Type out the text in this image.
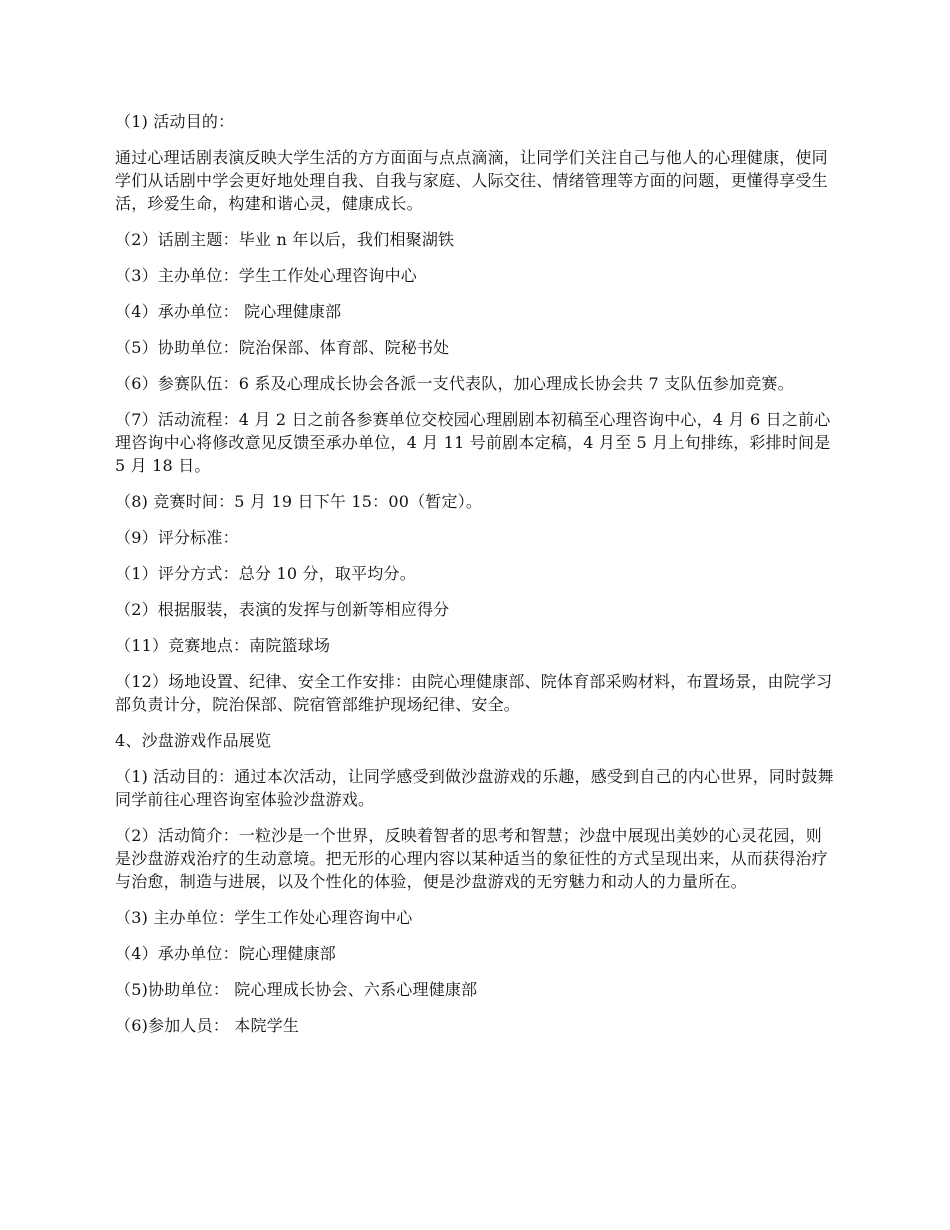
（1) 活动目的：

通过心理话剧表演反映大学生活的方方面面与点点滴滴，让同学们关注自己与他人的心理健康，使同学们从话剧中学会更好地处理自我、自我与家庭、人际交往、情绪管理等方面的问题，更懂得享受生活，珍爱生命，构建和谐心灵，健康成长。

（2）话剧主题：毕业 n 年以后，我们相聚湖铁

（3）主办单位：学生工作处心理咨询中心

（4）承办单位： 院心理健康部

（5）协助单位：院治保部、体育部、院秘书处

（6）参赛队伍：6 系及心理成长协会各派一支代表队，加心理成长协会共 7 支队伍参加竞赛。

（7）活动流程：4 月 2 日之前各参赛单位交校园心理剧剧本初稿至心理咨询中心，4 月 6 日之前心理咨询中心将修改意见反馈至承办单位，4 月 11 号前剧本定稿，4 月至 5 月上旬排练，彩排时间是 5 月 18 日。

（8) 竞赛时间：5 月 19 日下午 15：00（暂定）。

（9）评分标准：

（1）评分方式：总分 10 分，取平均分。

（2）根据服装，表演的发挥与创新等相应得分

（11）竞赛地点：南院篮球场

（12）场地设置、纪律、安全工作安排：由院心理健康部、院体育部采购材料，布置场景，由院学习部负责计分，院治保部、院宿管部维护现场纪律、安全。

4、沙盘游戏作品展览

（1) 活动目的：通过本次活动，让同学感受到做沙盘游戏的乐趣，感受到自己的内心世界，同时鼓舞同学前往心理咨询室体验沙盘游戏。

（2）活动简介：一粒沙是一个世界，反映着智者的思考和智慧；沙盘中展现出美妙的心灵花园，则是沙盘游戏治疗的生动意境。把无形的心理内容以某种适当的象征性的方式呈现出来，从而获得治疗与治愈，制造与进展，以及个性化的体验，便是沙盘游戏的无穷魅力和动人的力量所在。

（3) 主办单位：学生工作处心理咨询中心

（4）承办单位：院心理健康部

（5)协助单位： 院心理成长协会、六系心理健康部

（6)参加人员： 本院学生
